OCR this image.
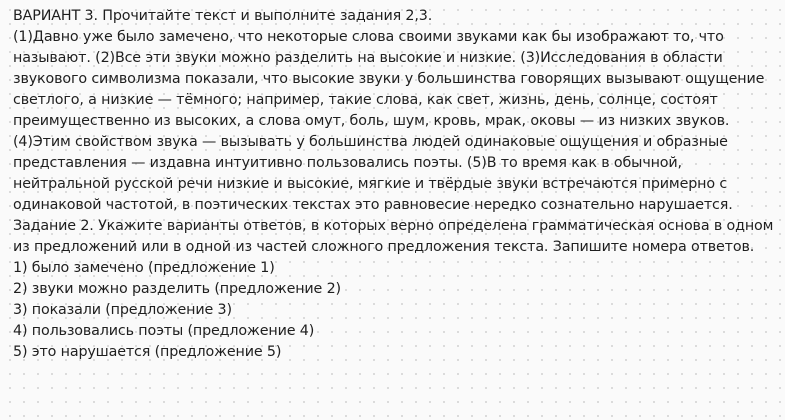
ВАРИАНТ 3. Прочитайте текст и выполните задания 2,3.

(1)Давно уже было замечено, что некоторые слова своими звуками как бы изображают то, что называют. (2)Все эти звуки можно разделить на высокие и низкие. (3)Исследования в области звукового символизма показали, что высокие звуки у большинства говорящих вызывают ощущение светлого, а низкие — тёмного; например, такие слова, как свет, жизнь, день, солнце, состоят преимущественно из высоких, а слова омут, боль, шум, кровь, мрак, оковы — из низких звуков. (4)Этим свойством звука — вызывать у большинства людей одинаковые ощущения и образные представления — издавна интуитивно пользовались поэты. (5)В то время как в обычной, нейтральной русской речи низкие и высокие, мягкие и твёрдые звуки встречаются примерно с одинаковой частотой, в поэтических текстах это равновесие нередко сознательно нарушается.

Задание 2. Укажите варианты ответов, в которых верно определена грамматическая основа в одном из предложений или в одной из частей сложного предложения текста. Запишите номера ответов.

1) было замечено (предложение 1)

2) звуки можно разделить (предложение 2)

3) показали (предложение 3)

4) пользовались поэты (предложение 4)

5) это нарушается (предложение 5)
